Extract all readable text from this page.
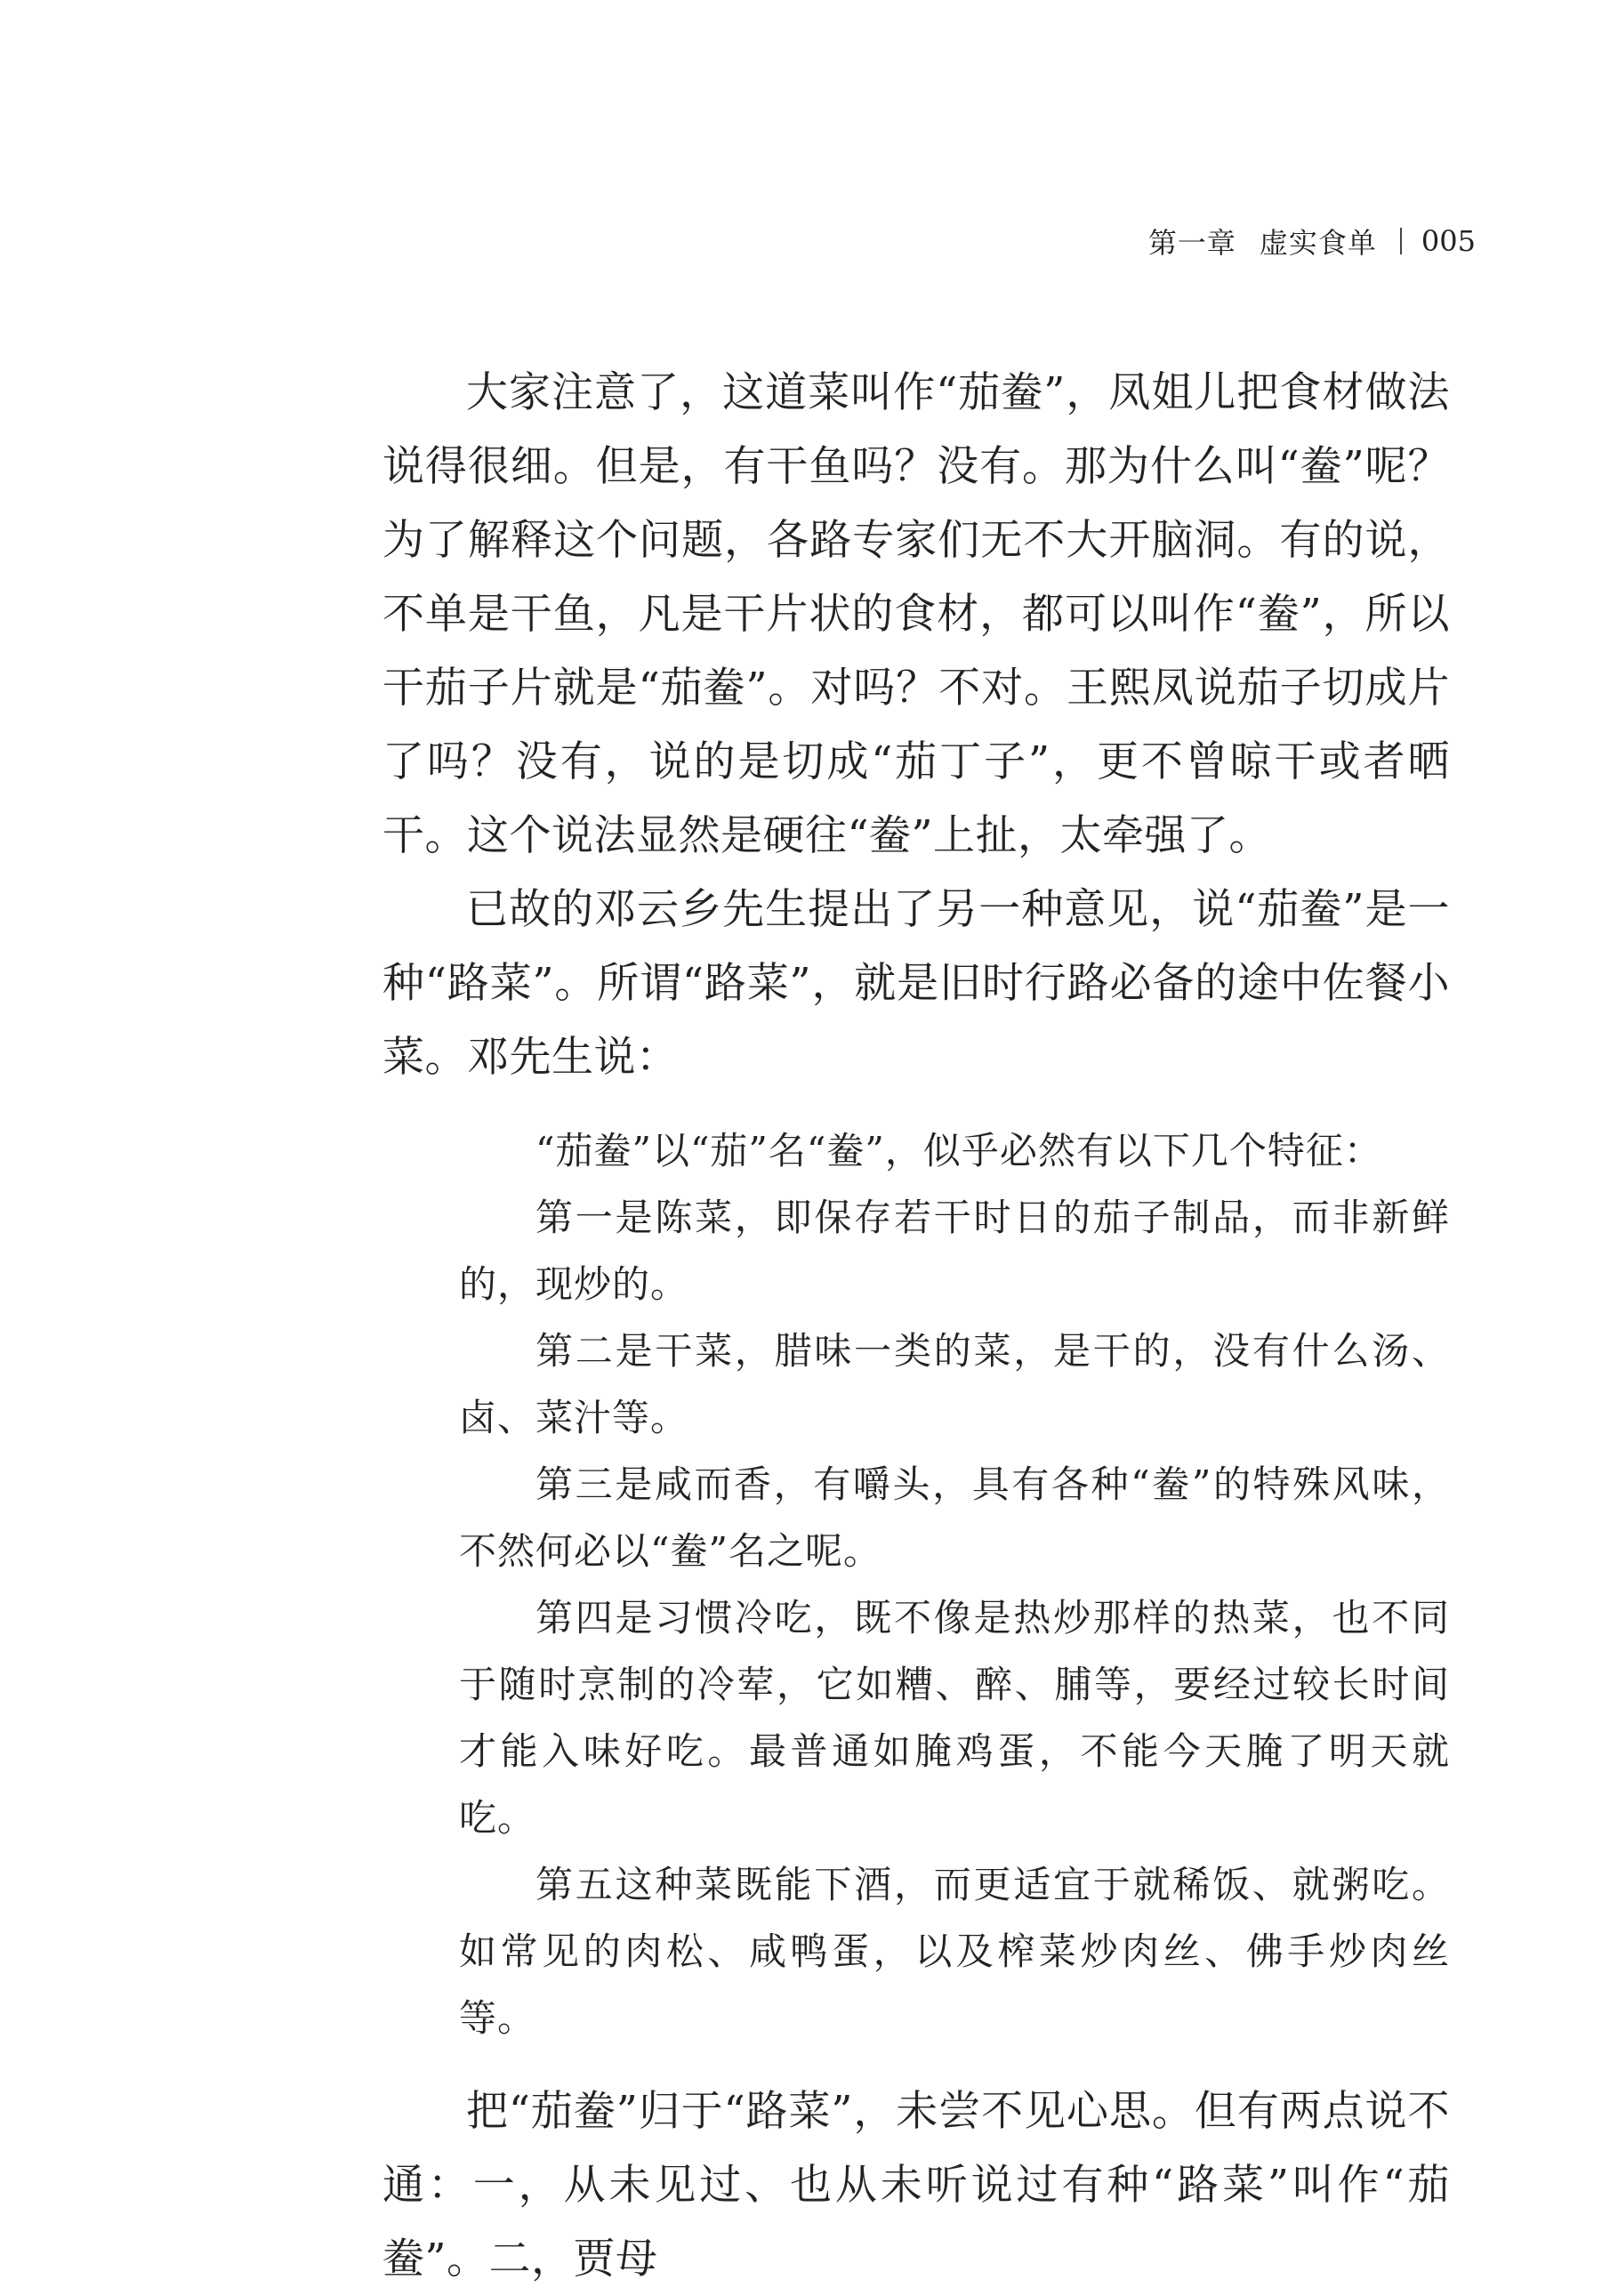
第一章 虚实食单 005

大家注意了，这道菜叫作“茄鲞”，凤姐儿把食材做法说得很细。但是，有干鱼吗？没有。那为什么叫“鲞”呢？为了解释这个问题，各路专家们无不大开脑洞。有的说，不单是干鱼，凡是干片状的食材，都可以叫作“鲞”，所以干茄子片就是“茄鲞”。对吗？不对。王熙凤说茄子切成片了吗？没有，说的是切成“茄丁子”，更不曾晾干或者晒干。这个说法显然是硬往“鲞”上扯，太牵强了。

已故的邓云乡先生提出了另一种意见，说“茄鲞”是一种“路菜”。所谓“路菜”，就是旧时行路必备的途中佐餐小菜。邓先生说：

“茄鲞”以“茄”名“鲞”，似乎必然有以下几个特征：

第一是陈菜，即保存若干时日的茄子制品，而非新鲜的，现炒的。

第二是干菜，腊味一类的菜，是干的，没有什么汤、卤、菜汁等。

第三是咸而香，有嚼头，具有各种“鲞”的特殊风味，不然何必以“鲞”名之呢。

第四是习惯冷吃，既不像是热炒那样的热菜，也不同于随时烹制的冷荤，它如糟、醉、脯等，要经过较长时间才能入味好吃。最普通如腌鸡蛋，不能今天腌了明天就吃。

第五这种菜既能下酒，而更适宜于就稀饭、就粥吃。如常见的肉松、咸鸭蛋，以及榨菜炒肉丝、佛手炒肉丝等。

把“茄鲞”归于“路菜”，未尝不见心思。但有两点说不通：一，从未见过、也从未听说过有种“路菜”叫作“茄鲞”。二，贾母
